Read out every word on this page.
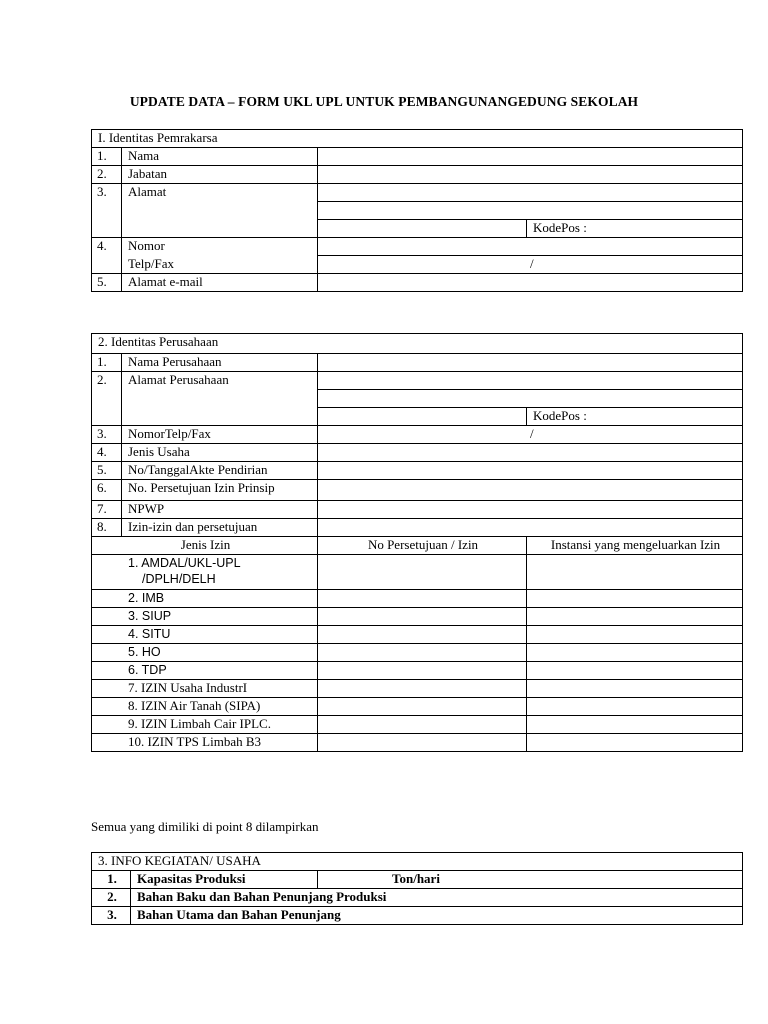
UPDATE DATA – FORM UKL UPL UNTUK PEMBANGUNANGEDUNG SEKOLAH
I. Identitas Pemrakarsa			
1.	Nama		
2.	Jabatan		
3.	Alamat		

			KodePos :
4.	Nomor		
	Telp/Fax	/	
5.	Alamat e-mail		
2. Identitas Perusahaan			
1.	Nama Perusahaan		
2.	Alamat Perusahaan		

			KodePos :
3.	NomorTelp/Fax	/	
4.	Jenis Usaha		
5.	No/TanggalAkte Pendirian		
6.	No. Persetujuan Izin Prinsip		
7.	NPWP		
8.	Izin-izin dan persetujuan		
Jenis Izin		No Persetujuan / Izin	Instansi yang mengeluarkan Izin

1. AMDAL/UKL-UPL
/DPLH/DELH			

2. IMB			
3. SIUP			
4. SITU			
5. HO			
6. TDP			
7. IZIN Usaha IndustrI			
8. IZIN Air Tanah (SIPA)			
9. IZIN Limbah Cair IPLC.			
10. IZIN TPS Limbah B3			
Semua yang dimiliki di point 8 dilampirkan
3. INFO KEGIATAN/ USAHA		
1.	Kapasitas Produksi	Ton/hari
2.	Bahan Baku dan Bahan Penunjang Produksi	
3.	Bahan Utama dan Bahan Penunjang	
